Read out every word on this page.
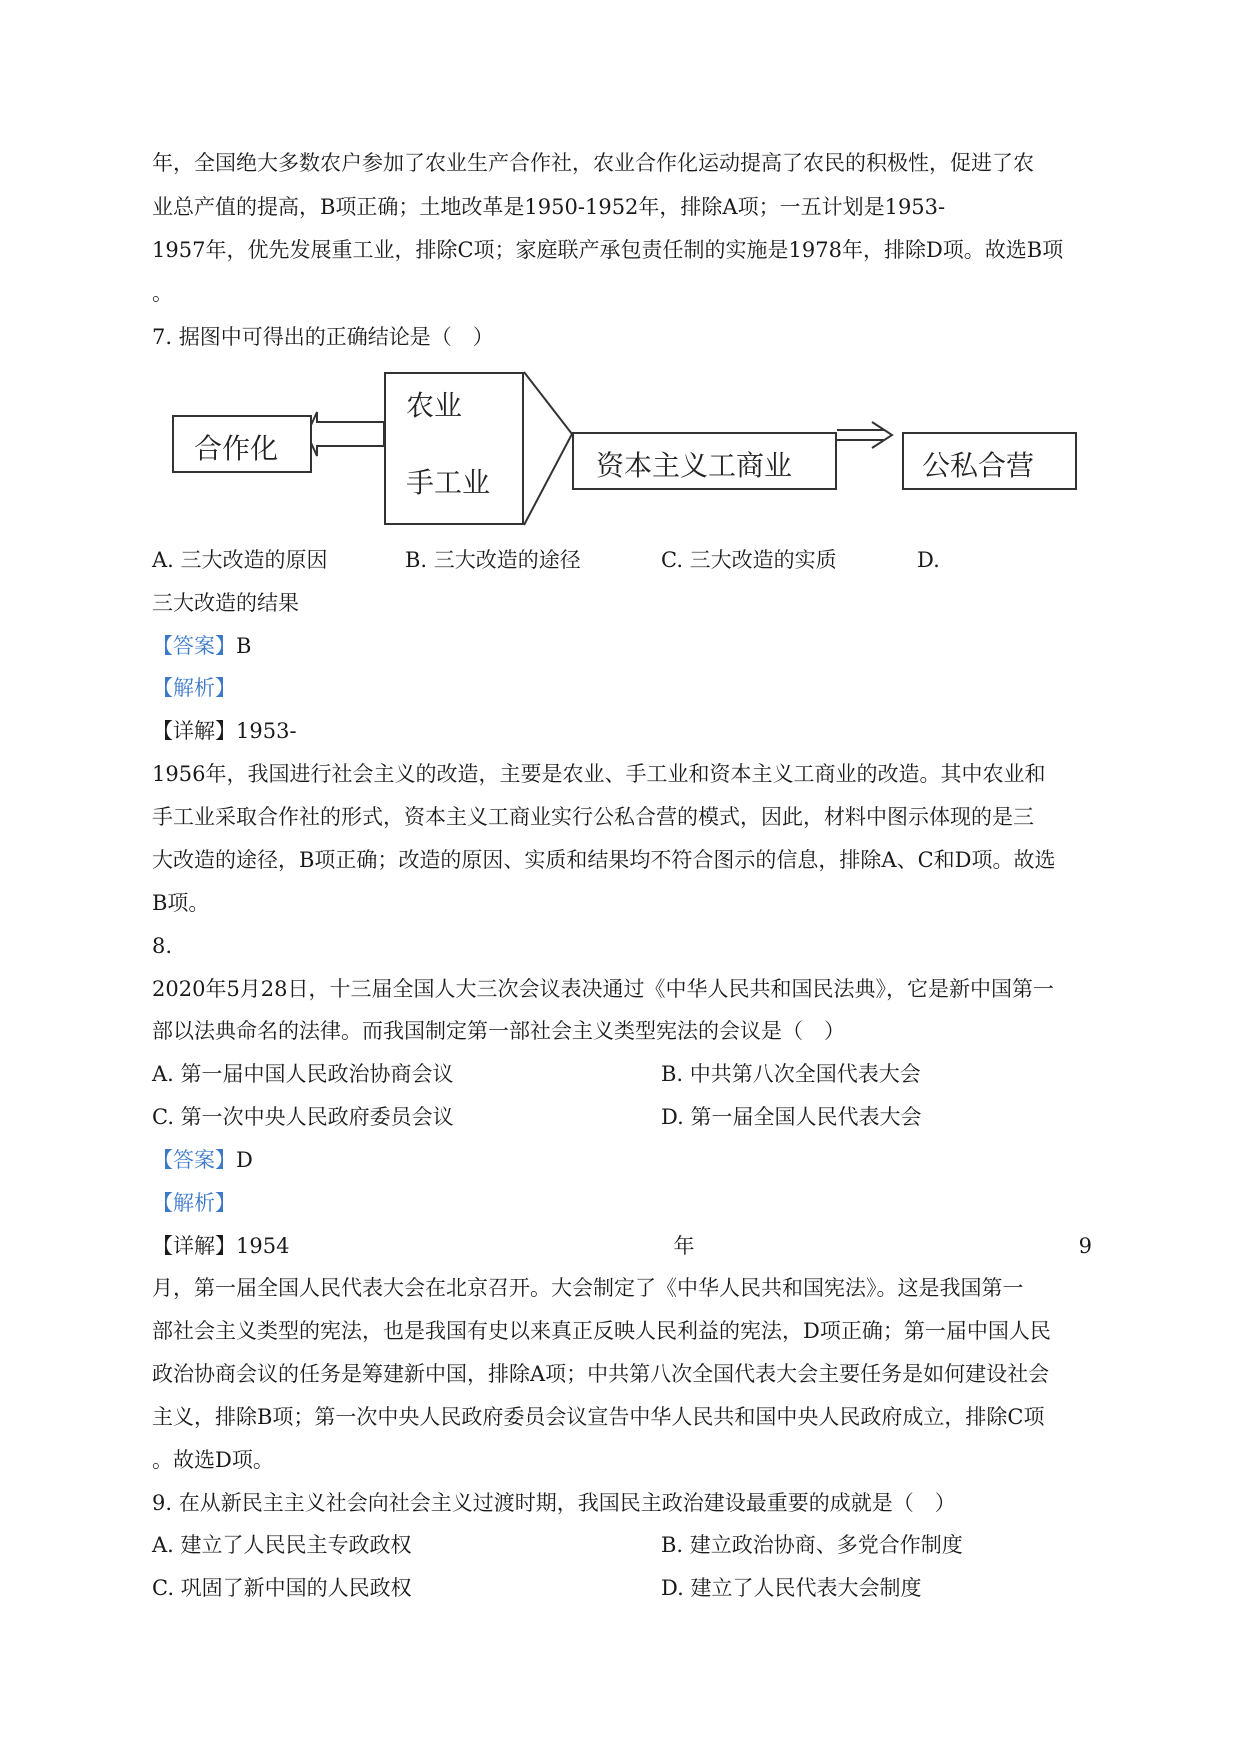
年，全国绝大多数农户参加了农业生产合作社，农业合作化运动提高了农民的积极性，促进了农
业总产值的提高，B项正确；土地改革是1950-1952年，排除A项；一五计划是1953-
1957年，优先发展重工业，排除C项；家庭联产承包责任制的实施是1978年，排除D项。故选B项
。
7. 据图中可得出的正确结论是（　）
合作化
农业
手工业
资本主义工商业	公私合营
A. 三大改造的原因	B. 三大改造的途径	C. 三大改造的实质	D.
三大改造的结果
【答案】B
【解析】
【详解】1953-
1956年，我国进行社会主义的改造，主要是农业、手工业和资本主义工商业的改造。其中农业和
手工业采取合作社的形式，资本主义工商业实行公私合营的模式，因此，材料中图示体现的是三
大改造的途径，B项正确；改造的原因、实质和结果均不符合图示的信息，排除A、C和D项。故选
B项。
8.
2020年5月28日，十三届全国人大三次会议表决通过《中华人民共和国民法典》，它是新中国第一
部以法典命名的法律。而我国制定第一部社会主义类型宪法的会议是（　）
A. 第一届中国人民政治协商会议	B. 中共第八次全国代表大会
C. 第一次中央人民政府委员会议	D. 第一届全国人民代表大会
【答案】D
【解析】
【详解】1954	年	9
月，第一届全国人民代表大会在北京召开。大会制定了《中华人民共和国宪法》。这是我国第一
部社会主义类型的宪法，也是我国有史以来真正反映人民利益的宪法，D项正确；第一届中国人民
政治协商会议的任务是筹建新中国，排除A项；中共第八次全国代表大会主要任务是如何建设社会
主义，排除B项；第一次中央人民政府委员会议宣告中华人民共和国中央人民政府成立，排除C项
。故选D项。
9. 在从新民主主义社会向社会主义过渡时期，我国民主政治建设最重要的成就是（　）
A. 建立了人民民主专政政权	B. 建立政治协商、多党合作制度
C. 巩固了新中国的人民政权	D. 建立了人民代表大会制度
